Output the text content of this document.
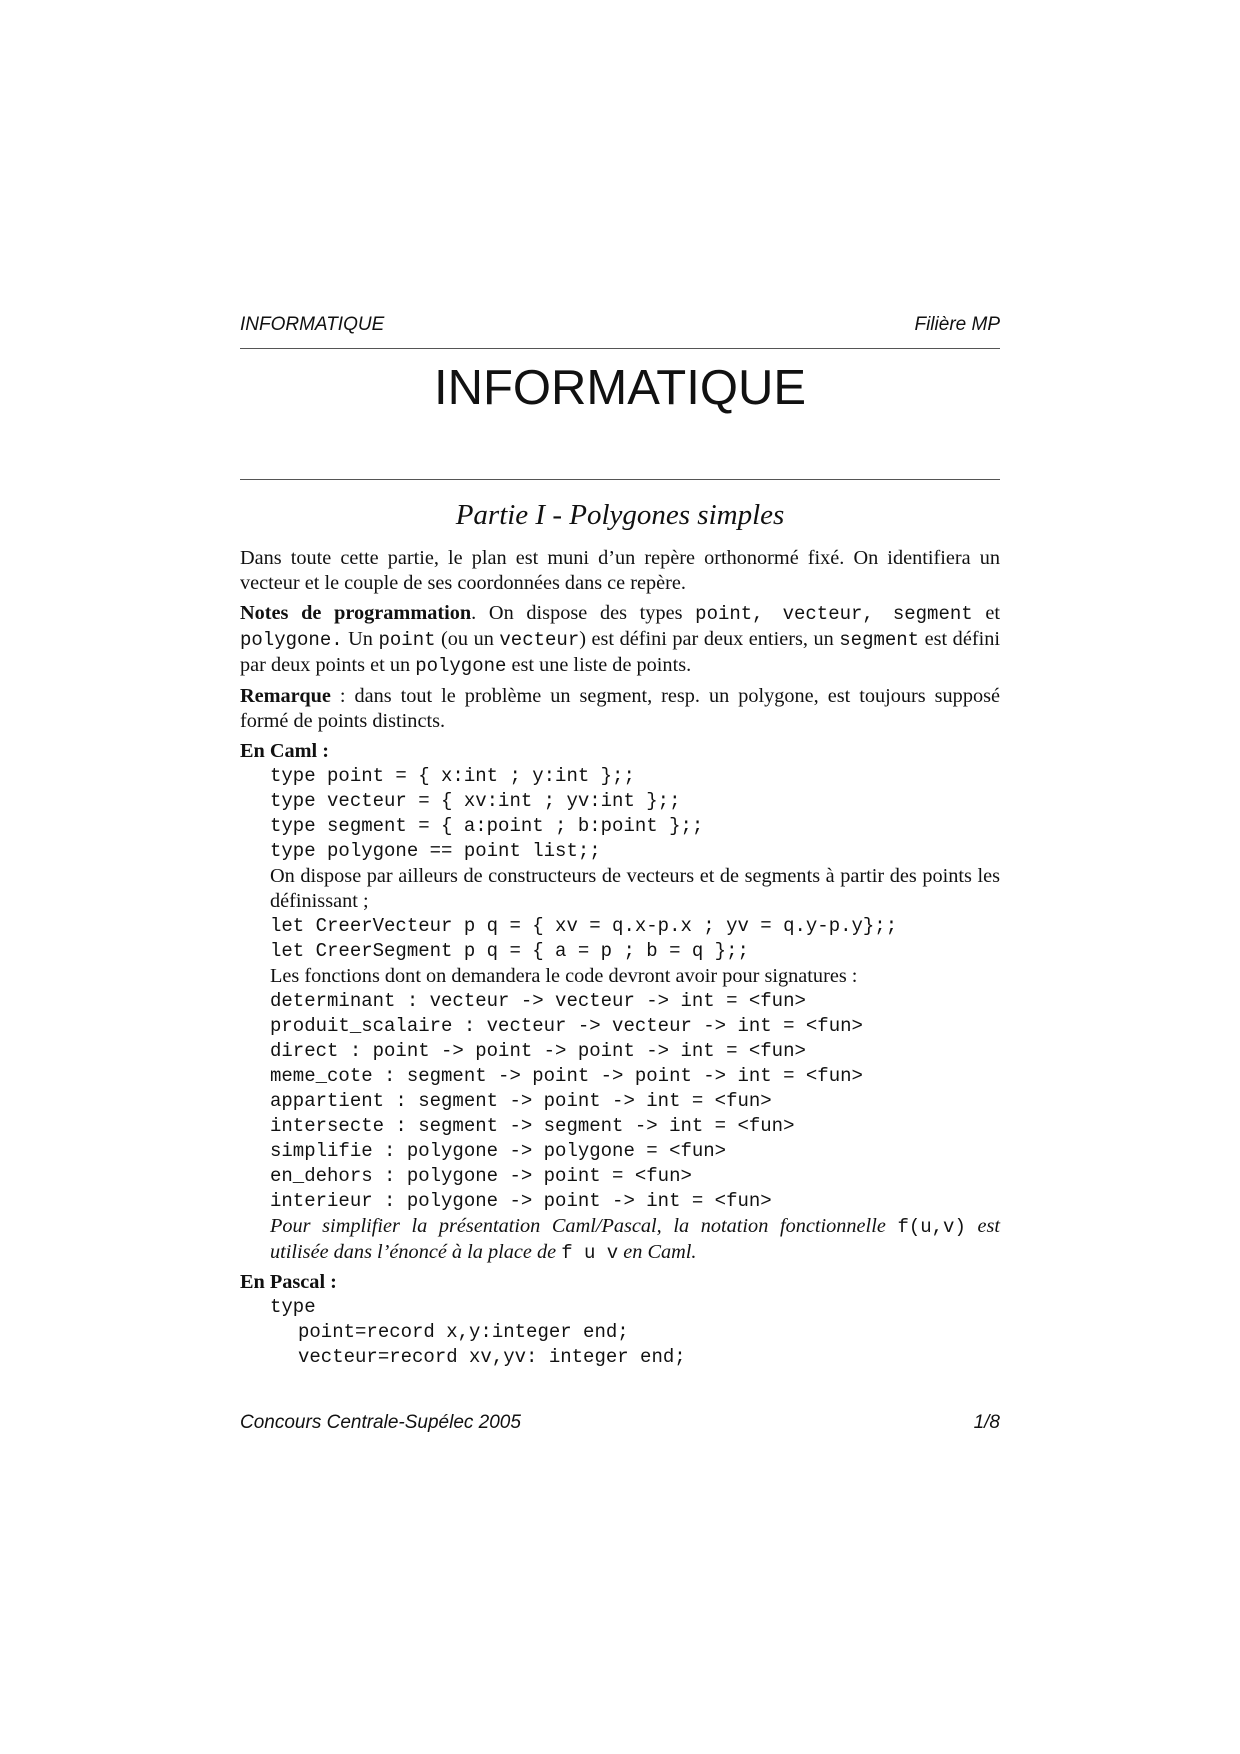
INFORMATIQUE	Filière MP
INFORMATIQUE
Partie I - Polygones simples

Dans toute cette partie, le plan est muni d’un repère orthonormé fixé. On identifiera un vecteur et le couple de ses coordonnées dans ce repère.

Notes de programmation. On dispose des types point, vecteur, segment et polygone. Un point (ou un vecteur) est défini par deux entiers, un segment est défini par deux points et un polygone est une liste de points.

Remarque : dans tout le problème un segment, resp. un polygone, est toujours supposé formé de points distincts.

En Caml :
type point = { x:int ; y:int };;
type vecteur = { xv:int ; yv:int };;
type segment = { a:point ; b:point };;
type polygone == point list;;
On dispose par ailleurs de constructeurs de vecteurs et de segments à partir des points les définissant ;
let CreerVecteur p q = { xv = q.x-p.x ; yv = q.y-p.y};;
let CreerSegment p q = { a = p ; b = q };;
Les fonctions dont on demandera le code devront avoir pour signatures :
determinant : vecteur -> vecteur -> int = <fun>
produit_scalaire : vecteur -> vecteur -> int = <fun>
direct : point -> point -> point -> int = <fun>
meme_cote : segment -> point -> point -> int = <fun>
appartient : segment -> point -> int = <fun>
intersecte : segment -> segment -> int = <fun>
simplifie : polygone -> polygone = <fun>
en_dehors : polygone -> point = <fun>
interieur : polygone -> point -> int = <fun>
Pour simplifier la présentation Caml/Pascal, la notation fonctionnelle f(u,v) est utilisée dans l’énoncé à la place de f u v en Caml.
En Pascal :
type
point=record x,y:integer end;
vecteur=record xv,yv: integer end;
Concours Centrale-Supélec 2005	1/8
